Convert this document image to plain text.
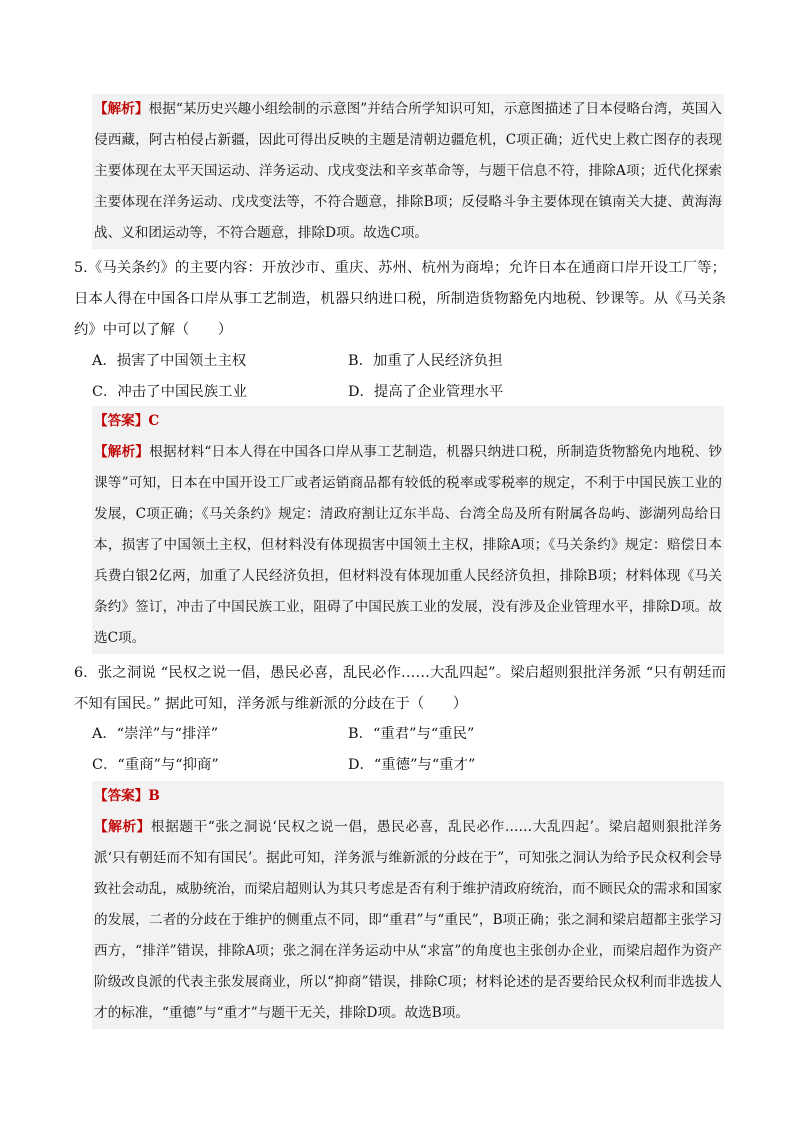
【解析】根据“某历史兴趣小组绘制的示意图”并结合所学知识可知，示意图描述了日本侵略台湾，英国入侵西藏，阿古柏侵占新疆，因此可得出反映的主题是清朝边疆危机，C项正确；近代史上救亡图存的表现主要体现在太平天国运动、洋务运动、戊戌变法和辛亥革命等，与题干信息不符，排除A项；近代化探索主要体现在洋务运动、戊戌变法等，不符合题意，排除B项；反侵略斗争主要体现在镇南关大捷、黄海海战、义和团运动等，不符合题意，排除D项。故选C项。
5.《马关条约》的主要内容：开放沙市、重庆、苏州、杭州为商埠；允许日本在通商口岸开设工厂等；日本人得在中国各口岸从事工艺制造，机器只纳进口税，所制造货物豁免内地税、钞课等。从《马关条约》中可以了解（　　）
A．损害了中国领土主权	B．加重了人民经济负担
C．冲击了中国民族工业	D．提高了企业管理水平
【答案】C
【解析】根据材料“日本人得在中国各口岸从事工艺制造，机器只纳进口税，所制造货物豁免内地税、钞课等”可知，日本在中国开设工厂或者运销商品都有较低的税率或零税率的规定，不利于中国民族工业的发展，C项正确；《马关条约》规定：清政府割让辽东半岛、台湾全岛及所有附属各岛屿、澎湖列岛给日本，损害了中国领土主权，但材料没有体现损害中国领土主权，排除A项；《马关条约》规定：赔偿日本兵费白银2亿两，加重了人民经济负担，但材料没有体现加重人民经济负担，排除B项；材料体现《马关条约》签订，冲击了中国民族工业，阻碍了中国民族工业的发展，没有涉及企业管理水平，排除D项。故选C项。
6．张之洞说 “民权之说一倡，愚民必喜，乱民必作……大乱四起”。梁启超则狠批洋务派 “只有朝廷而不知有国民。” 据此可知，洋务派与维新派的分歧在于（　　）
A．“崇洋”与“排洋”	B．“重君”与“重民”
C．“重商”与“抑商”	D．“重德”与“重才”
【答案】B
【解析】根据题干“张之洞说‘民权之说一倡，愚民必喜，乱民必作……大乱四起’。梁启超则狠批洋务派‘只有朝廷而不知有国民’。据此可知，洋务派与维新派的分歧在于”，可知张之洞认为给予民众权利会导致社会动乱，威胁统治，而梁启超则认为其只考虑是否有利于维护清政府统治，而不顾民众的需求和国家的发展，二者的分歧在于维护的侧重点不同，即“重君”与“重民”，B项正确；张之洞和梁启超都主张学习西方，“排洋”错误，排除A项；张之洞在洋务运动中从“求富”的角度也主张创办企业，而梁启超作为资产阶级改良派的代表主张发展商业，所以“抑商”错误，排除C项；材料论述的是否要给民众权利而非选拔人才的标准，“重德”与“重才”与题干无关，排除D项。故选B项。
